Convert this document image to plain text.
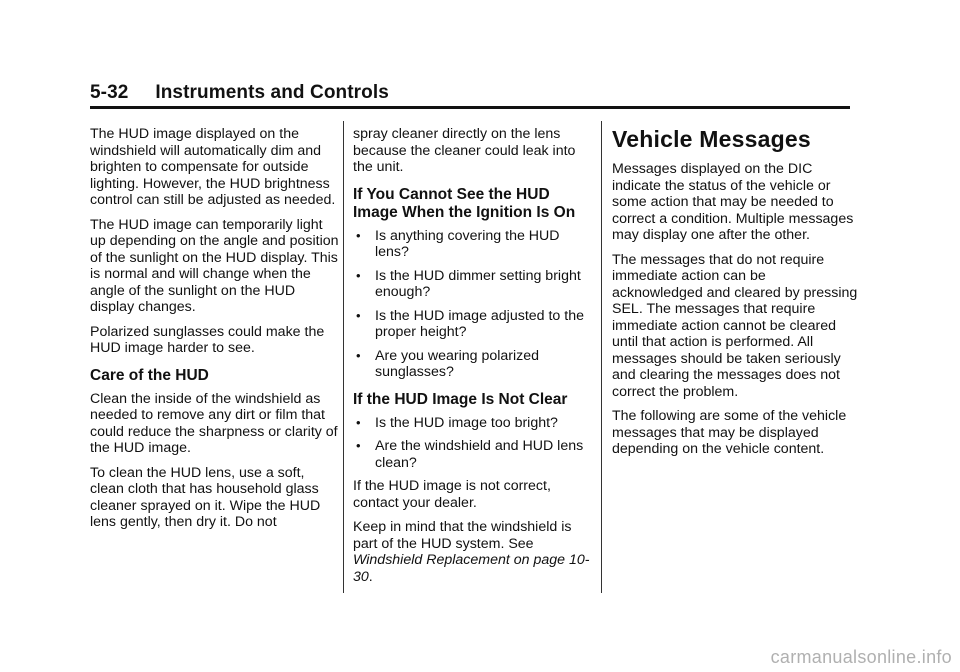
5-32     Instruments and Controls

The HUD image displayed on the windshield will automatically dim and brighten to compensate for outside lighting. However, the HUD brightness control can still be adjusted as needed.

The HUD image can temporarily light up depending on the angle and position of the sunlight on the HUD display. This is normal and will change when the angle of the sunlight on the HUD display changes.

Polarized sunglasses could make the HUD image harder to see.

Care of the HUD

Clean the inside of the windshield as needed to remove any dirt or film that could reduce the sharpness or clarity of the HUD image.

To clean the HUD lens, use a soft, clean cloth that has household glass cleaner sprayed on it. Wipe the HUD lens gently, then dry it. Do not

spray cleaner directly on the lens because the cleaner could leak into the unit.

If You Cannot See the HUD Image When the Ignition Is On
• Is anything covering the HUD lens?
• Is the HUD dimmer setting bright enough?
• Is the HUD image adjusted to the proper height?
• Are you wearing polarized sunglasses?
If the HUD Image Is Not Clear
• Is the HUD image too bright?
• Are the windshield and HUD lens clean?

If the HUD image is not correct, contact your dealer.

Keep in mind that the windshield is part of the HUD system. See Windshield Replacement on page 10-30.

Vehicle Messages

Messages displayed on the DIC indicate the status of the vehicle or some action that may be needed to correct a condition. Multiple messages may display one after the other.

The messages that do not require immediate action can be acknowledged and cleared by pressing SEL. The messages that require immediate action cannot be cleared until that action is performed. All messages should be taken seriously and clearing the messages does not correct the problem.

The following are some of the vehicle messages that may be displayed depending on the vehicle content.

carmanualsonline.info
